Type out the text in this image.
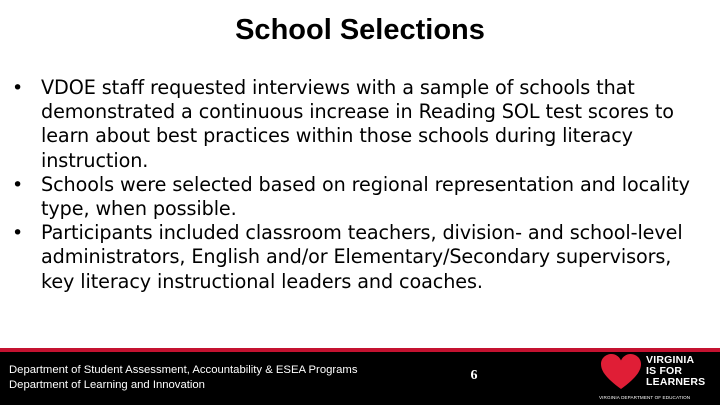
School Selections
• VDOE staff requested interviews with a sample of schools that demonstrated a continuous increase in Reading SOL test scores to learn about best practices within those schools during literacy instruction.
• Schools were selected based on regional representation and locality type, when possible.
• Participants included classroom teachers, division- and school-level administrators, English and/or Elementary/Secondary supervisors, key literacy instructional leaders and coaches.
Department of Student Assessment, Accountability & ESEA Programs
Department of Learning and Innovation
6
VIRGINIA
IS FOR
LEARNERS
VIRGINIA DEPARTMENT OF EDUCATION
